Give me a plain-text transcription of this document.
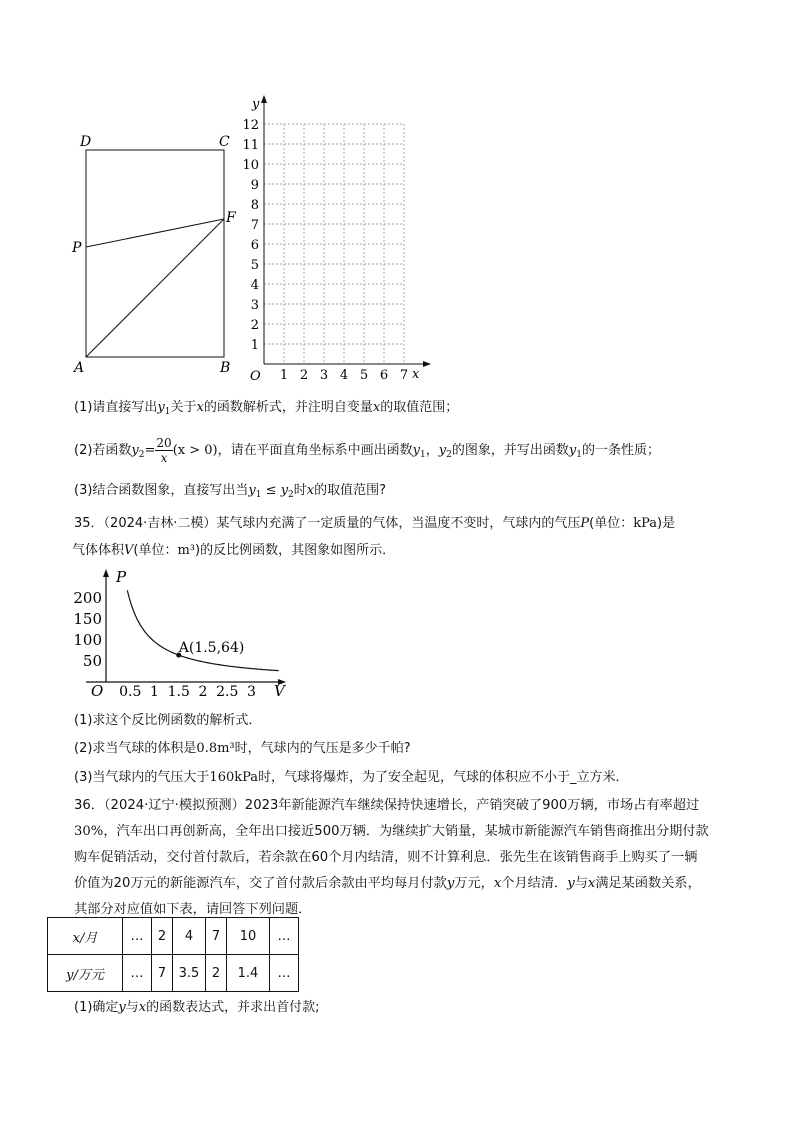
D	C
P
F
A	B
y
x
O
1
2
3
4
5
6
7
8
9
10
11
12
1 2 3 4 5 6 7
(1)请直接写出$y_1$关于x的函数解析式，并注明自变量x的取值范围；
(2)若函数$y_2= \frac{20}{x} (x > 0)$，请在平面直角坐标系中画出函数$y_1$，$y_2$的图象，并写出函数$y_1$的一条性质；
(3)结合函数图象，直接写出当$y_1 \le y_2$时x的取值范围?
35．（2024·吉林·二模）某气球内充满了一定质量的气体，当温度不变时，气球内的气压P(单位：kPa)是
气体体积V(单位：m³)的反比例函数，其图象如图所示．
P
V
O
A(1.5,64)
50
100
150
200
0.5 1 1.5 2 2.5 3
(1)求这个反比例函数的解析式．
(2)求当气球的体积是0.8m³时，气球内的气压是多少千帕?
(3)当气球内的气压大于160kPa时，气球将爆炸，为了安全起见，气球的体积应不小于_立方米．
36．（2024·辽宁·模拟预测）2023年新能源汽车继续保持快速增长，产销突破了900万辆，市场占有率超过30%，汽车出口再创新高，全年出口接近500万辆．为继续扩大销量，某城市新能源汽车销售商推出分期付款购车促销活动，交付首付款后，若余款在60个月内结清，则不计算利息．张先生在该销售商手上购买了一辆价值为20万元的新能源汽车，交了首付款后余款由平均每月付款y万元，x个月结清．y与x满足某函数关系，其部分对应值如下表，请回答下列问题．
x/月	…	2	4	7	10	…
y/万元	…	7	3.5	2	1.4	…
(1)确定y与x的函数表达式，并求出首付款;
